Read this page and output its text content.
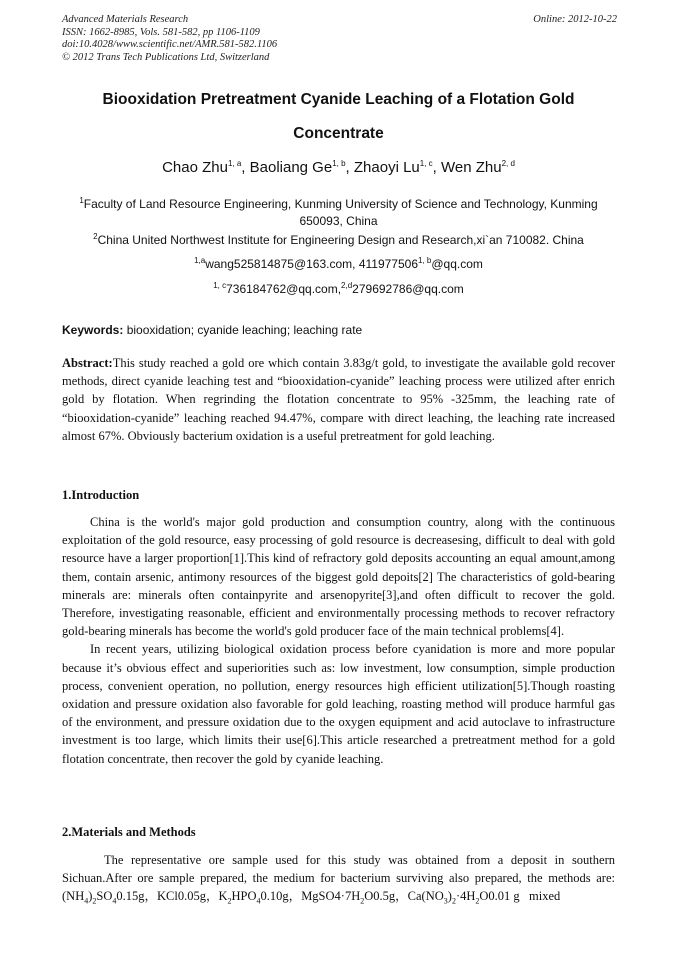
Advanced Materials Research	Online: 2012-10-22
ISSN: 1662-8985, Vols. 581-582, pp 1106-1109
doi:10.4028/www.scientific.net/AMR.581-582.1106
© 2012 Trans Tech Publications Ltd, Switzerland
Biooxidation Pretreatment Cyanide Leaching of a Flotation Gold
Concentrate
Chao Zhu$^{1, a}$, Baoliang Ge$^{1, b}$, Zhaoyi Lu$^{1, c}$, Wen Zhu$^{2, d}$
$^1$Faculty of Land Resource Engineering, Kunming University of Science and Technology, Kunming 650093, China
$^2$China United Northwest Institute for Engineering Design and Research,xi`an 710082. China
$^{1,a}$wang525814875@163.com, 411977506$^{1, b}$@qq.com
$^{1, c}$736184762@qq.com,$^{2,d}$279692786@qq.com
Keywords: biooxidation; cyanide leaching; leaching rate
Abstract:This study reached a gold ore which contain 3.83g/t gold, to investigate the available gold recover methods, direct cyanide leaching test and “biooxidation-cyanide” leaching process were utilized after enrich gold by flotation. When regrinding the flotation concentrate to 95% -325mm, the leaching rate of “biooxidation-cyanide” leaching reached 94.47%, compare with direct leaching, the leaching rate increased almost 67%. Obviously bacterium oxidation is a useful pretreatment for gold leaching.
1.Introduction

China is the world's major gold production and consumption country, along with the continuous exploitation of the gold resource, easy processing of gold resource is decreasesing, difficult to deal with gold resource have a larger proportion[1].This kind of refractory gold deposits accounting an equal amount,among them, contain arsenic, antimony resources of the biggest gold depoits[2] The characteristics of gold-bearing minerals are: minerals often containpyrite and arsenopyrite[3],and often difficult to recover the gold. Therefore, investigating reasonable, efficient and environmentally processing methods to recover refractory gold-bearing minerals has become the world's gold producer face of the main technical problems[4].

In recent years, utilizing biological oxidation process before cyanidation is more and more popular because it’s obvious effect and superiorities such as: low investment, low consumption, simple production process, convenient operation, no pollution, energy resources high efficient utilization[5].Though roasting oxidation and pressure oxidation also favorable for gold leaching, roasting method will produce harmful gas of the environment, and pressure oxidation due to the oxygen equipment and acid autoclave to infrastructure investment is too large, which limits their use[6].This article researched a pretreatment method for a gold flotation concentrate, then recover the gold by cyanide leaching.

2.Materials and Methods

The representative ore sample used for this study was obtained from a deposit in southern Sichuan.After ore sample prepared, the medium for bacterium surviving also prepared, the methods are: $(NH_4)_2SO_40.15g$，KCl0.05g，$K_2HPO_40.10g$，$MgSO4\cdot 7H_2O0.5g$，$Ca(NO_3)_2\cdot 4H_2O0.01$ g mixed
